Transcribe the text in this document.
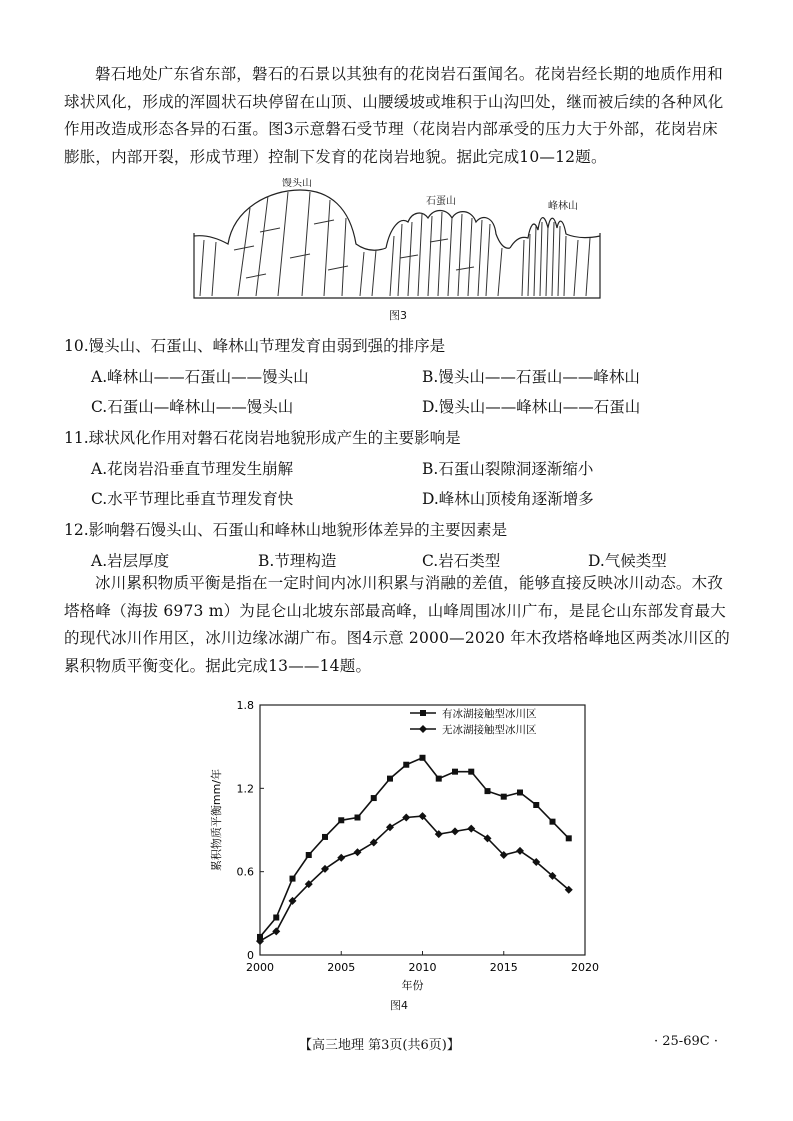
磐石地处广东省东部，磐石的石景以其独有的花岗岩石蛋闻名。花岗岩经长期的地质作用和球状风化，形成的浑圆状石块停留在山顶、山腰缓坡或堆积于山沟凹处，继而被后续的各种风化作用改造成形态各异的石蛋。图3示意磐石受节理（花岗岩内部承受的压力大于外部，花岗岩床膨胀，内部开裂，形成节理）控制下发育的花岗岩地貌。据此完成10—12题。

馒头山
石蛋山	峰林山
图3

10.馒头山、石蛋山、峰林山节理发育由弱到强的排序是

A.峰林山——石蛋山——馒头山	B.馒头山——石蛋山——峰林山
C.石蛋山—峰林山——馒头山	D.馒头山——峰林山——石蛋山

11.球状风化作用对磐石花岗岩地貌形成产生的主要影响是

A.花岗岩沿垂直节理发生崩解	B.石蛋山裂隙洞逐渐缩小
C.水平节理比垂直节理发育快	D.峰林山顶棱角逐渐增多

12.影响磐石馒头山、石蛋山和峰林山地貌形体差异的主要因素是

A.岩层厚度	B.节理构造	C.岩石类型	D.气候类型

冰川累积物质平衡是指在一定时间内冰川积累与消融的差值，能够直接反映冰川动态。木孜塔格峰（海拔 6973 m）为昆仑山北坡东部最高峰，山峰周围冰川广布，是昆仑山东部发育最大的现代冰川作用区，冰川边缘冰湖广布。图4示意 2000—2020 年木孜塔格峰地区两类冰川区的累积物质平衡变化。据此完成13——14题。

0
0.6
1.2
1.8
2000	2005	2010	2015	2020
年份
累积物质平衡mm/年
有冰湖接触型冰川区
无冰湖接触型冰川区
图4
【高三地理 第3页(共6页)】	· 25-69C ·
